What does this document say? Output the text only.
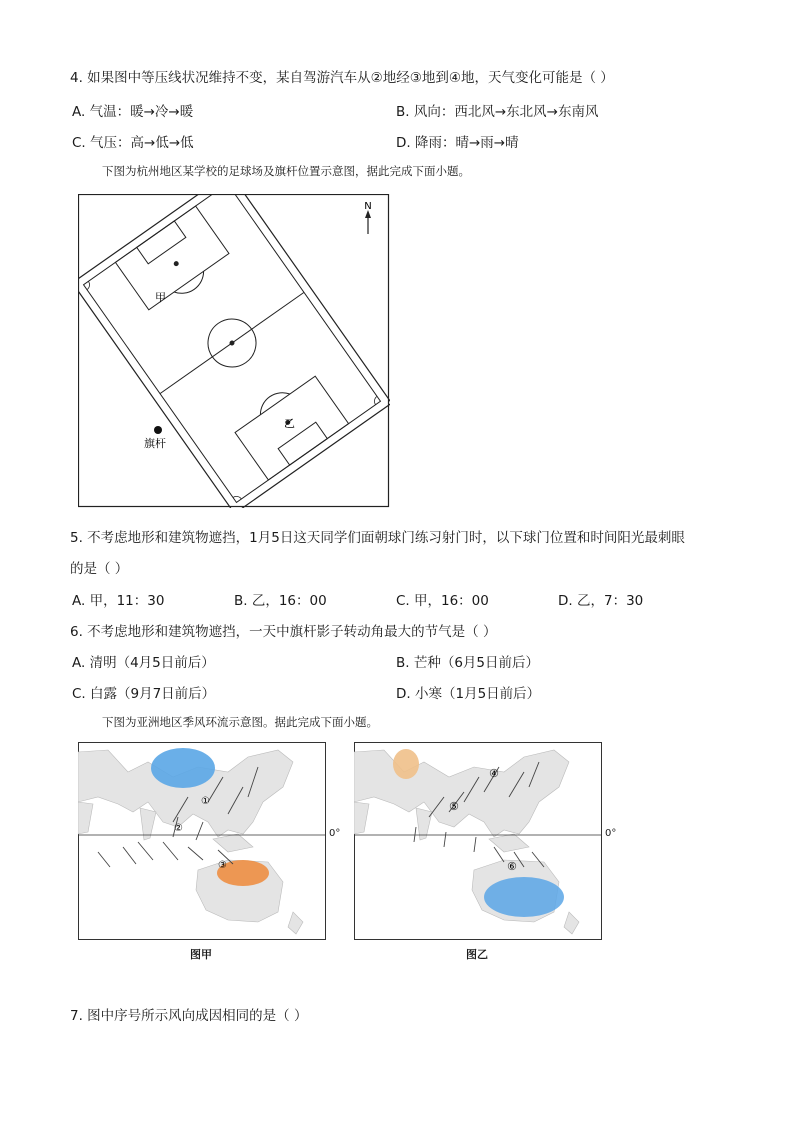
4. 如果图中等压线状况维持不变，某自驾游汽车从②地经③地到④地，天气变化可能是（ ）
A. 气温：暖→冷→暖	B. 风向：西北风→东北风→东南风
C. 气压：高→低→低	D. 降雨：晴→雨→晴
下图为杭州地区某学校的足球场及旗杆位置示意图，据此完成下面小题。
N
甲
乙
旗杆
5. 不考虑地形和建筑物遮挡，1月5日这天同学们面朝球门练习射门时，以下球门位置和时间阳光最刺眼
的是（ ）
A. 甲，11：30	B. 乙，16：00	C. 甲，16：00	D. 乙，7：30
6. 不考虑地形和建筑物遮挡，一天中旗杆影子转动角最大的节气是（ ）
A. 清明（4月5日前后）	B. 芒种（6月5日前后）
C. 白露（9月7日前后）	D. 小寒（1月5日前后）
下图为亚洲地区季风环流示意图。据此完成下面小题。
①
②
③
0°
图甲
④
⑤
⑥
0°
图乙
7. 图中序号所示风向成因相同的是（ ）
